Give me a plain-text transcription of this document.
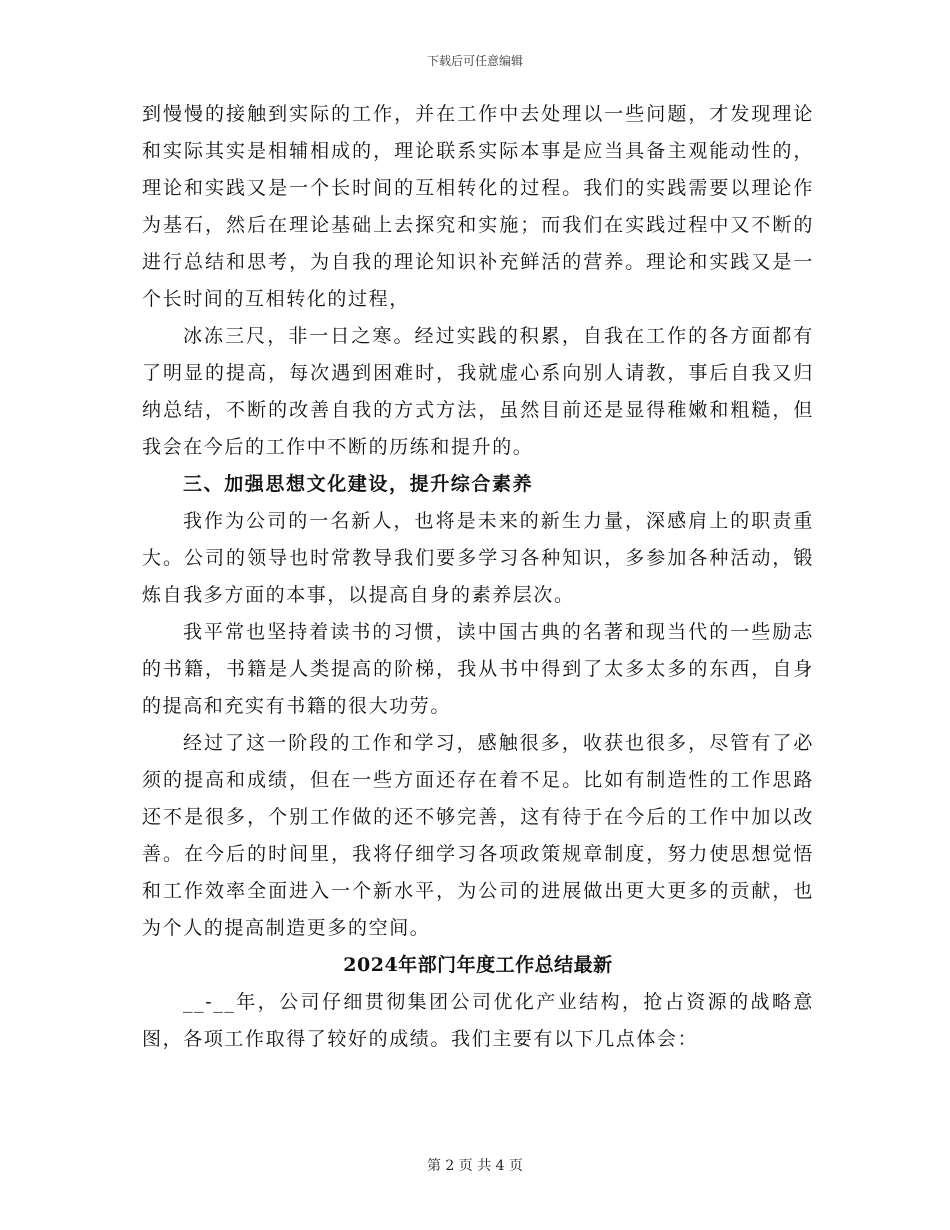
下载后可任意编辑

到慢慢的接触到实际的工作，并在工作中去处理以一些问题，才发现理论和实际其实是相辅相成的，理论联系实际本事是应当具备主观能动性的，理论和实践又是一个长时间的互相转化的过程。我们的实践需要以理论作为基石，然后在理论基础上去探究和实施；而我们在实践过程中又不断的进行总结和思考，为自我的理论知识补充鲜活的营养。理论和实践又是一个长时间的互相转化的过程，

冰冻三尺，非一日之寒。经过实践的积累，自我在工作的各方面都有了明显的提高，每次遇到困难时，我就虚心系向别人请教，事后自我又归纳总结，不断的改善自我的方式方法，虽然目前还是显得稚嫩和粗糙，但我会在今后的工作中不断的历练和提升的。

三、加强思想文化建设，提升综合素养

我作为公司的一名新人，也将是未来的新生力量，深感肩上的职责重大。公司的领导也时常教导我们要多学习各种知识，多参加各种活动，锻炼自我多方面的本事，以提高自身的素养层次。

我平常也坚持着读书的习惯，读中国古典的名著和现当代的一些励志的书籍，书籍是人类提高的阶梯，我从书中得到了太多太多的东西，自身的提高和充实有书籍的很大功劳。

经过了这一阶段的工作和学习，感触很多，收获也很多，尽管有了必须的提高和成绩，但在一些方面还存在着不足。比如有制造性的工作思路还不是很多，个别工作做的还不够完善，这有待于在今后的工作中加以改善。在今后的时间里，我将仔细学习各项政策规章制度，努力使思想觉悟和工作效率全面进入一个新水平，为公司的进展做出更大更多的贡献，也为个人的提高制造更多的空间。

2024年部门年度工作总结最新

__-__年，公司仔细贯彻集团公司优化产业结构，抢占资源的战略意图，各项工作取得了较好的成绩。我们主要有以下几点体会：

第 2 页 共 4 页
